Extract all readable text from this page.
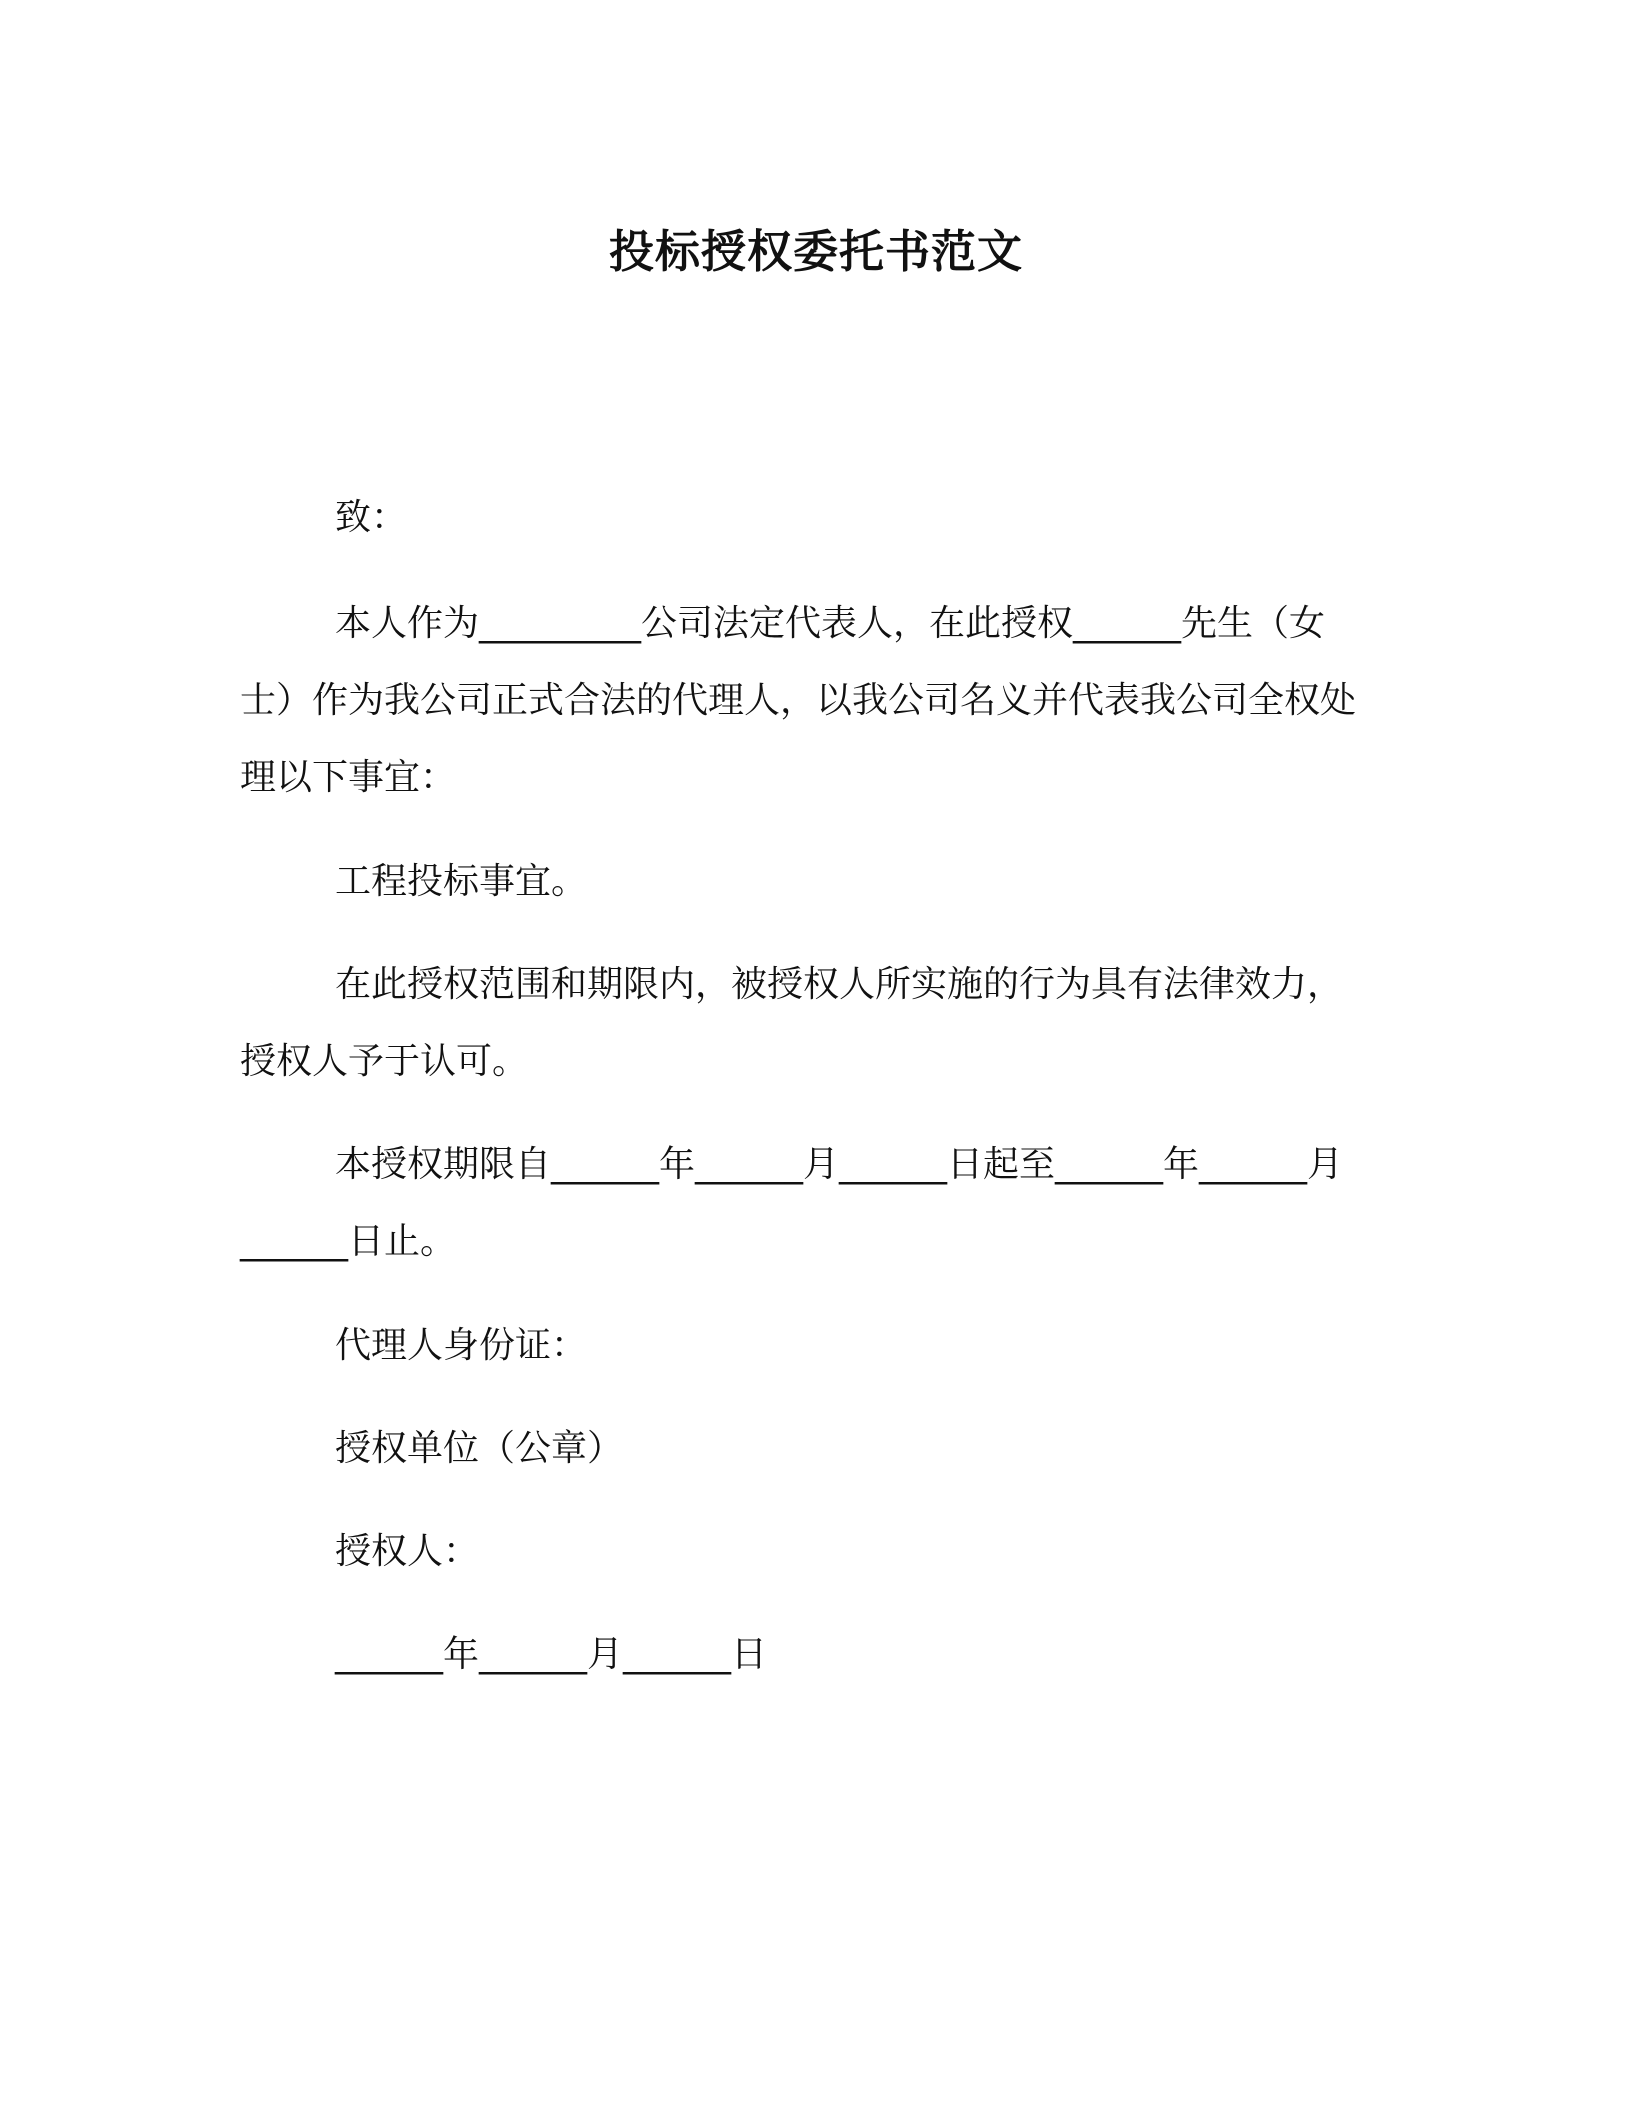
投标授权委托书范文
致：
本人作为_________公司法定代表人，在此授权______先生（女士）作为我公司正式合法的代理人，以我公司名义并代表我公司全权处理以下事宜：
工程投标事宜。
在此授权范围和期限内，被授权人所实施的行为具有法律效力，授权人予于认可。
本授权期限自______年______月______日起至______年______月______日止。
代理人身份证：
授权单位（公章）
授权人：
______年______月______日
